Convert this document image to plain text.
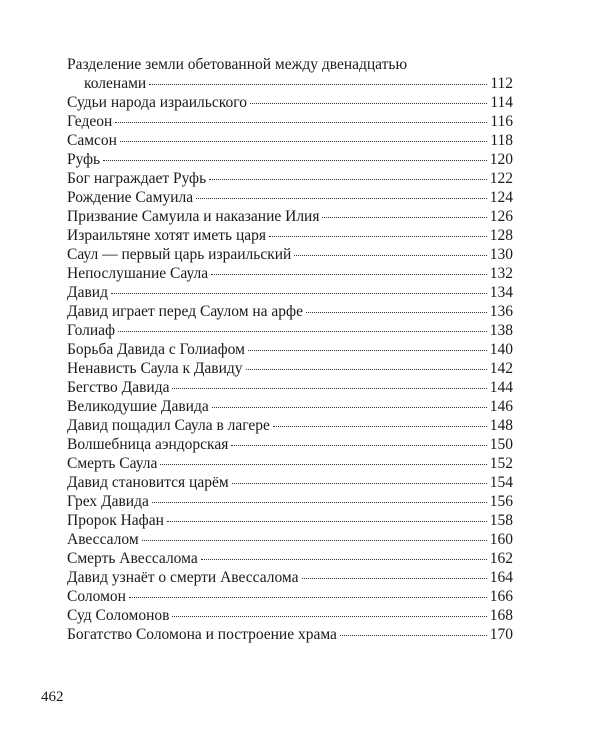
Разделение земли обетованной между двенадцатью
коленами	112
Судьи народа израильского	114
Гедеон	116
Самсон	118
Руфь	120
Бог награждает Руфь	122
Рождение Самуила	124
Призвание Самуила и наказание Илия	126
Израильтяне хотят иметь царя	128
Саул — первый царь израильский	130
Непослушание Саула	132
Давид	134
Давид играет перед Саулом на арфе	136
Голиаф	138
Борьба Давида с Голиафом	140
Ненависть Саула к Давиду	142
Бегство Давида	144
Великодушие Давида	146
Давид пощадил Саула в лагере	148
Волшебница аэндорская	150
Смерть Саула	152
Давид становится царём	154
Грех Давида	156
Пророк Нафан	158
Авессалом	160
Смерть Авессалома	162
Давид узнаёт о смерти Авессалома	164
Соломон	166
Суд Соломонов	168
Богатство Соломона и построение храма	170
462
